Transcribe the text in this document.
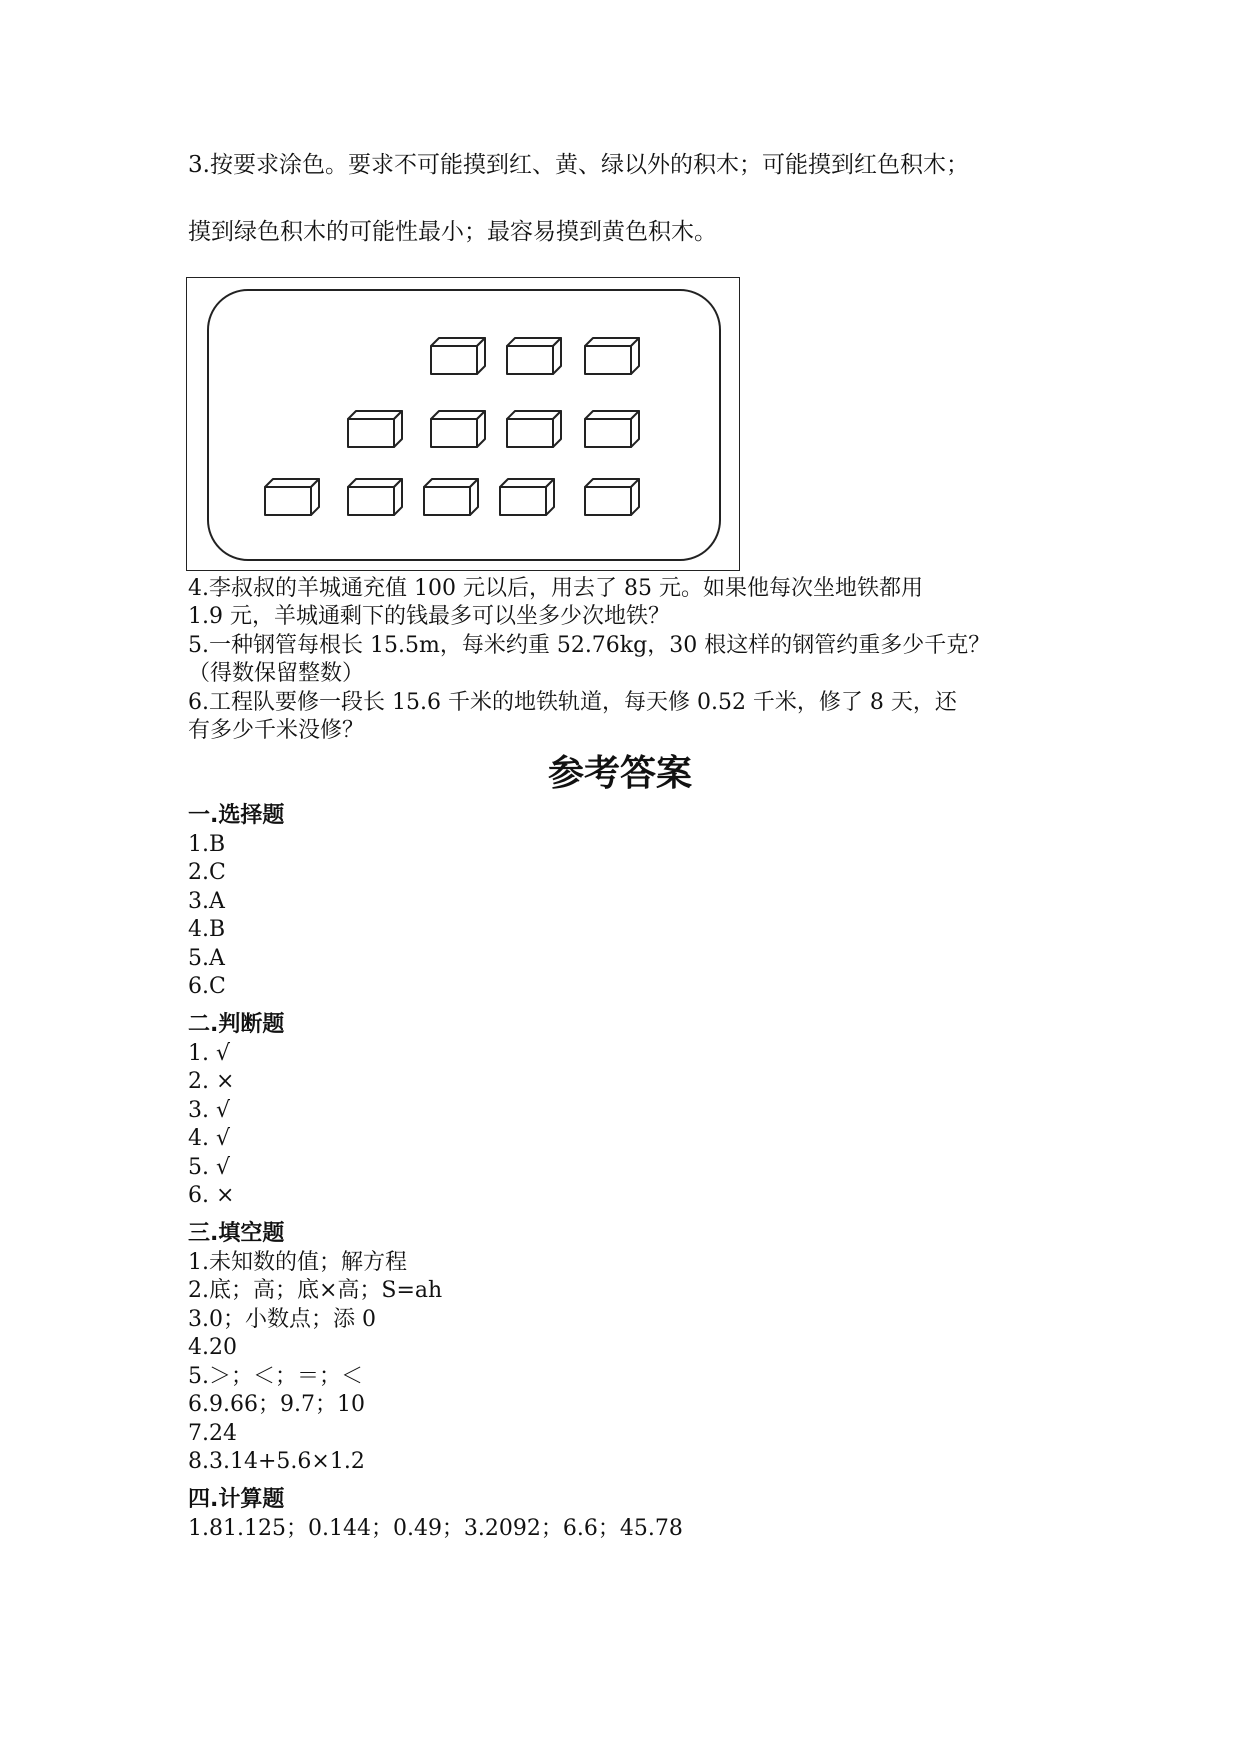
3.按要求涂色。要求不可能摸到红、黄、绿以外的积木；可能摸到红色积木；
摸到绿色积木的可能性最小；最容易摸到黄色积木。
4.李叔叔的羊城通充值 100 元以后，用去了 85 元。如果他每次坐地铁都用
1.9 元，羊城通剩下的钱最多可以坐多少次地铁？
5.一种钢管每根长 15.5m，每米约重 52.76kg，30 根这样的钢管约重多少千克？
（得数保留整数）
6.工程队要修一段长 15.6 千米的地铁轨道，每天修 0.52 千米，修了 8 天，还
有多少千米没修？
参考答案
一.选择题
1.B
2.C
3.A
4.B
5.A
6.C
二.判断题
1. √
2. ×
3. √
4. √
5. √
6. ×
三.填空题
1.未知数的值；解方程
2.底；高；底×高；S=ah
3.0；小数点；添 0
4.20
5.＞；＜；＝；＜
6.9.66；9.7；10
7.24
8.3.14+5.6×1.2
四.计算题
1.81.125；0.144；0.49；3.2092；6.6；45.78
